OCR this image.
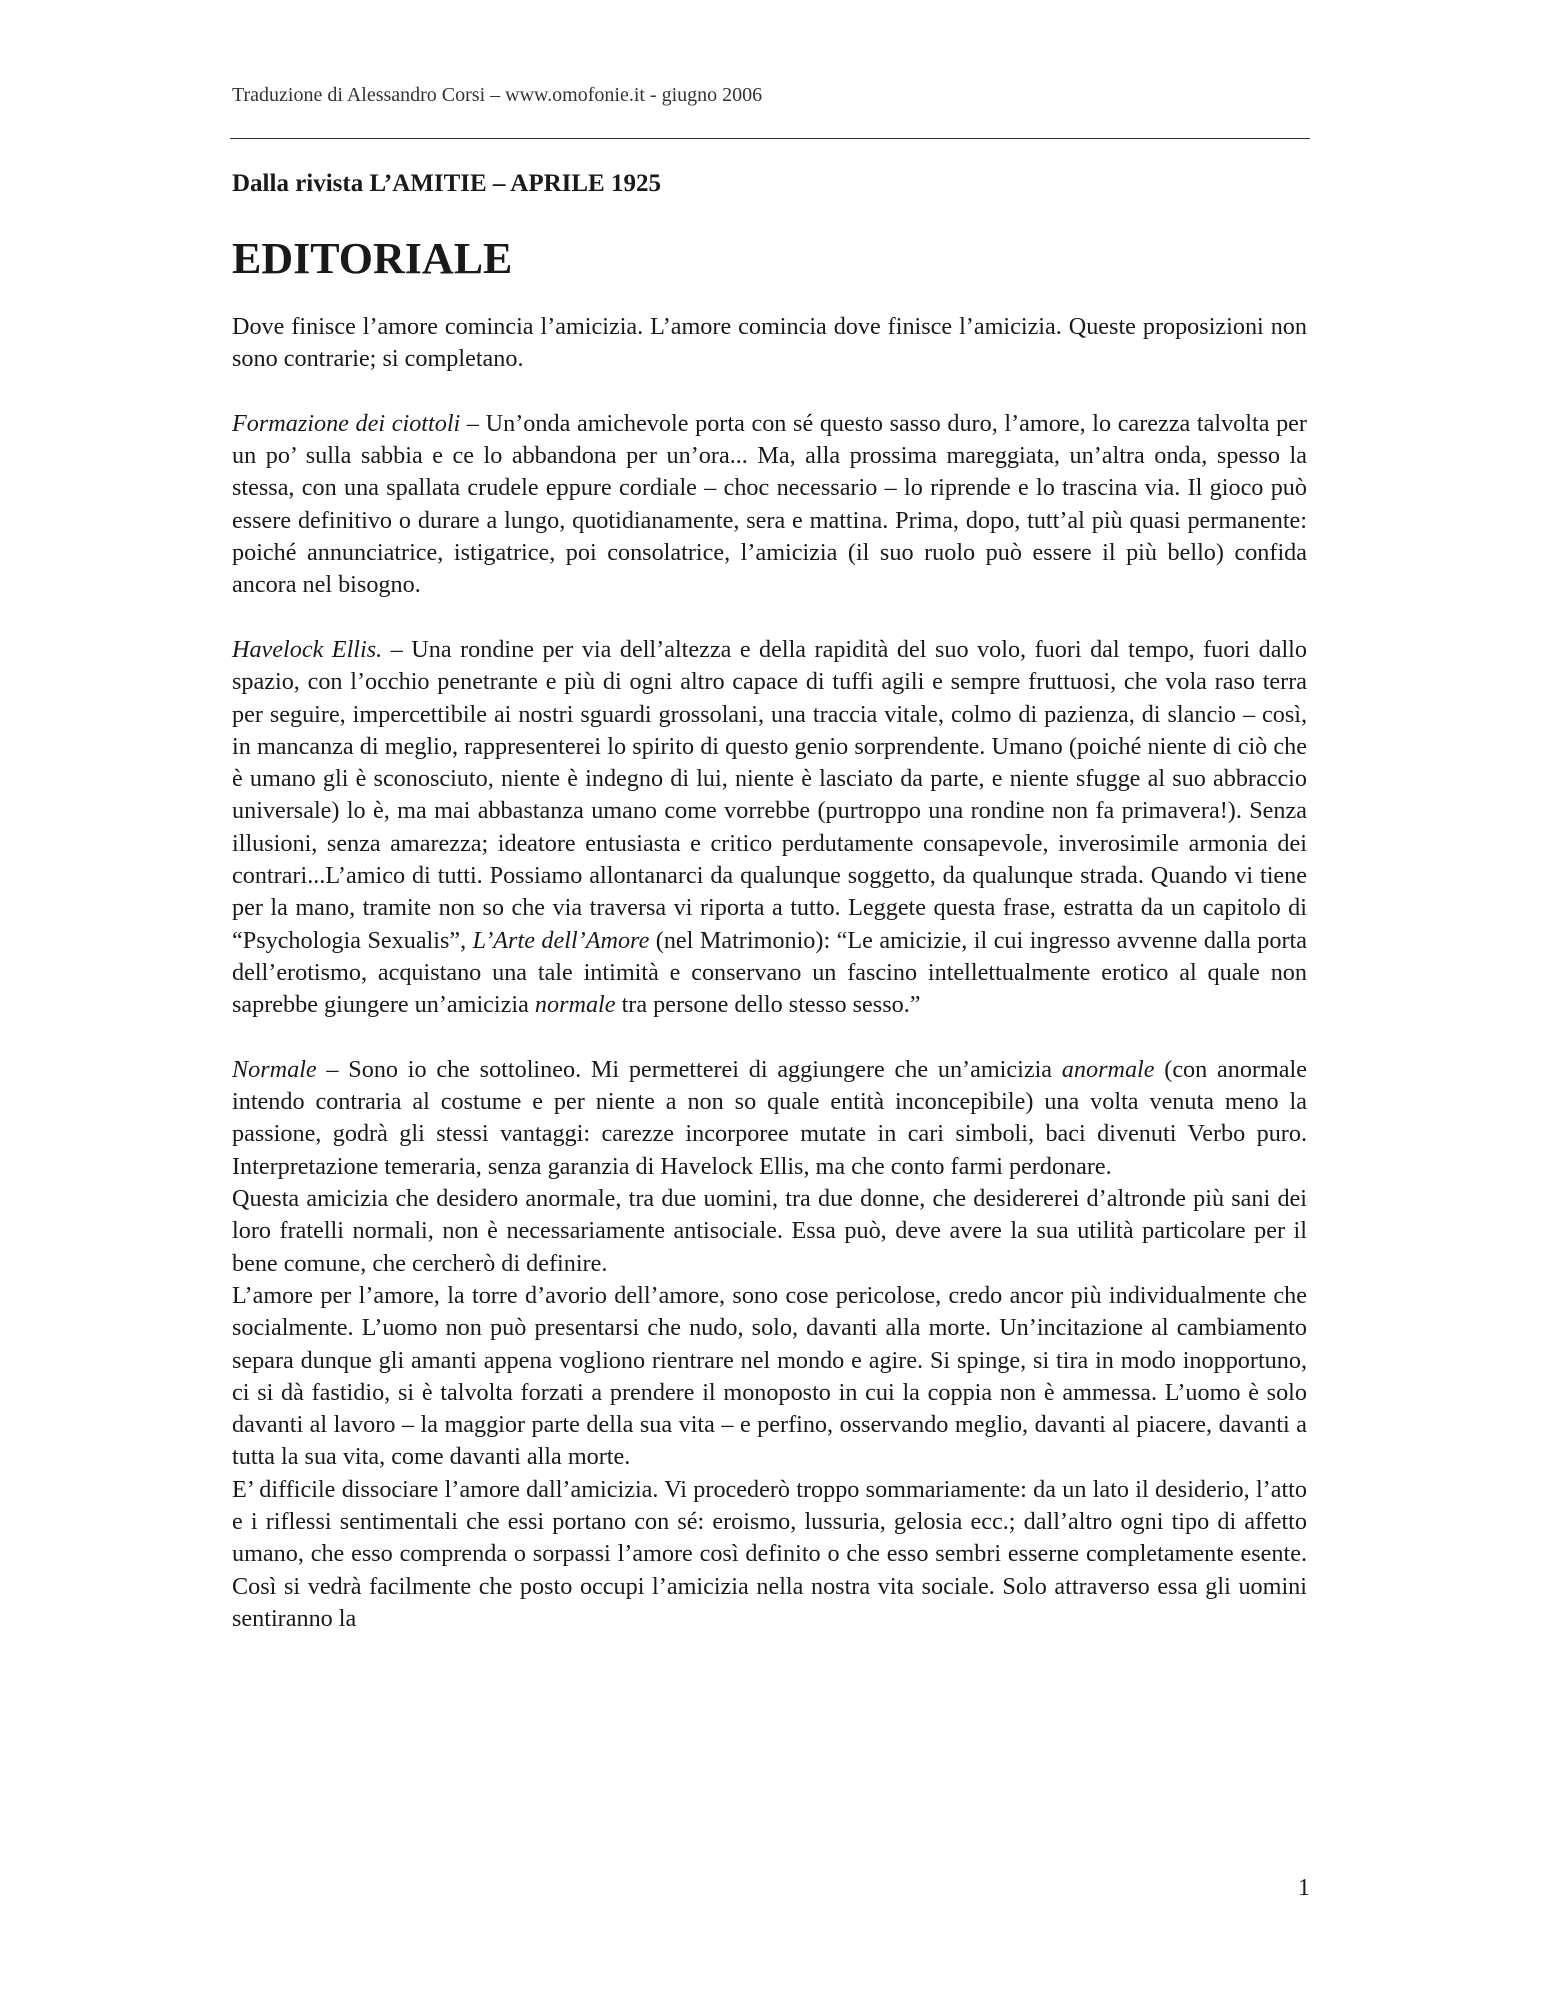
Traduzione di Alessandro Corsi – www.omofonie.it - giugno 2006
Dalla rivista L’AMITIE – APRILE 1925
EDITORIALE

Dove finisce l’amore comincia l’amicizia. L’amore comincia dove finisce l’amicizia. Queste proposizioni non sono contrarie; si completano.

Formazione dei ciottoli – Un’onda amichevole porta con sé questo sasso duro, l’amore, lo carezza talvolta per un po’ sulla sabbia e ce lo abbandona per un’ora... Ma, alla prossima mareggiata, un’altra onda, spesso la stessa, con una spallata crudele eppure cordiale – choc necessario – lo riprende e lo trascina via. Il gioco può essere definitivo o durare a lungo, quotidianamente, sera e mattina. Prima, dopo, tutt’al più quasi permanente: poiché annunciatrice, istigatrice, poi consolatrice, l’amicizia (il suo ruolo può essere il più bello) confida ancora nel bisogno.

Havelock Ellis. – Una rondine per via dell’altezza e della rapidità del suo volo, fuori dal tempo, fuori dallo spazio, con l’occhio penetrante e più di ogni altro capace di tuffi agili e sempre fruttuosi, che vola raso terra per seguire, impercettibile ai nostri sguardi grossolani, una traccia vitale, colmo di pazienza, di slancio – così, in mancanza di meglio, rappresenterei lo spirito di questo genio sorprendente. Umano (poiché niente di ciò che è umano gli è sconosciuto, niente è indegno di lui, niente è lasciato da parte, e niente sfugge al suo abbraccio universale) lo è, ma mai abbastanza umano come vorrebbe (purtroppo una rondine non fa primavera!). Senza illusioni, senza amarezza; ideatore entusiasta e critico perdutamente consapevole, inverosimile armonia dei contrari...L’amico di tutti. Possiamo allontanarci da qualunque soggetto, da qualunque strada. Quando vi tiene per la mano, tramite non so che via traversa vi riporta a tutto. Leggete questa frase, estratta da un capitolo di “Psychologia Sexualis”, L’Arte dell’Amore (nel Matrimonio): “Le amicizie, il cui ingresso avvenne dalla porta dell’erotismo, acquistano una tale intimità e conservano un fascino intellettualmente erotico al quale non saprebbe giungere un’amicizia normale tra persone dello stesso sesso.”

Normale – Sono io che sottolineo. Mi permetterei di aggiungere che un’amicizia anormale (con anormale intendo contraria al costume e per niente a non so quale entità inconcepibile) una volta venuta meno la passione, godrà gli stessi vantaggi: carezze incorporee mutate in cari simboli, baci divenuti Verbo puro. Interpretazione temeraria, senza garanzia di Havelock Ellis, ma che conto farmi perdonare.

Questa amicizia che desidero anormale, tra due uomini, tra due donne, che desidererei d’altronde più sani dei loro fratelli normali, non è necessariamente antisociale. Essa può, deve avere la sua utilità particolare per il bene comune, che cercherò di definire.

L’amore per l’amore, la torre d’avorio dell’amore, sono cose pericolose, credo ancor più individualmente che socialmente. L’uomo non può presentarsi che nudo, solo, davanti alla morte. Un’incitazione al cambiamento separa dunque gli amanti appena vogliono rientrare nel mondo e agire. Si spinge, si tira in modo inopportuno, ci si dà fastidio, si è talvolta forzati a prendere il monoposto in cui la coppia non è ammessa. L’uomo è solo davanti al lavoro – la maggior parte della sua vita – e perfino, osservando meglio, davanti al piacere, davanti a tutta la sua vita, come davanti alla morte.

E’ difficile dissociare l’amore dall’amicizia. Vi procederò troppo sommariamente: da un lato il desiderio, l’atto e i riflessi sentimentali che essi portano con sé: eroismo, lussuria, gelosia ecc.; dall’altro ogni tipo di affetto umano, che esso comprenda o sorpassi l’amore così definito o che esso sembri esserne completamente esente. Così si vedrà facilmente che posto occupi l’amicizia nella nostra vita sociale. Solo attraverso essa gli uomini sentiranno la

1
